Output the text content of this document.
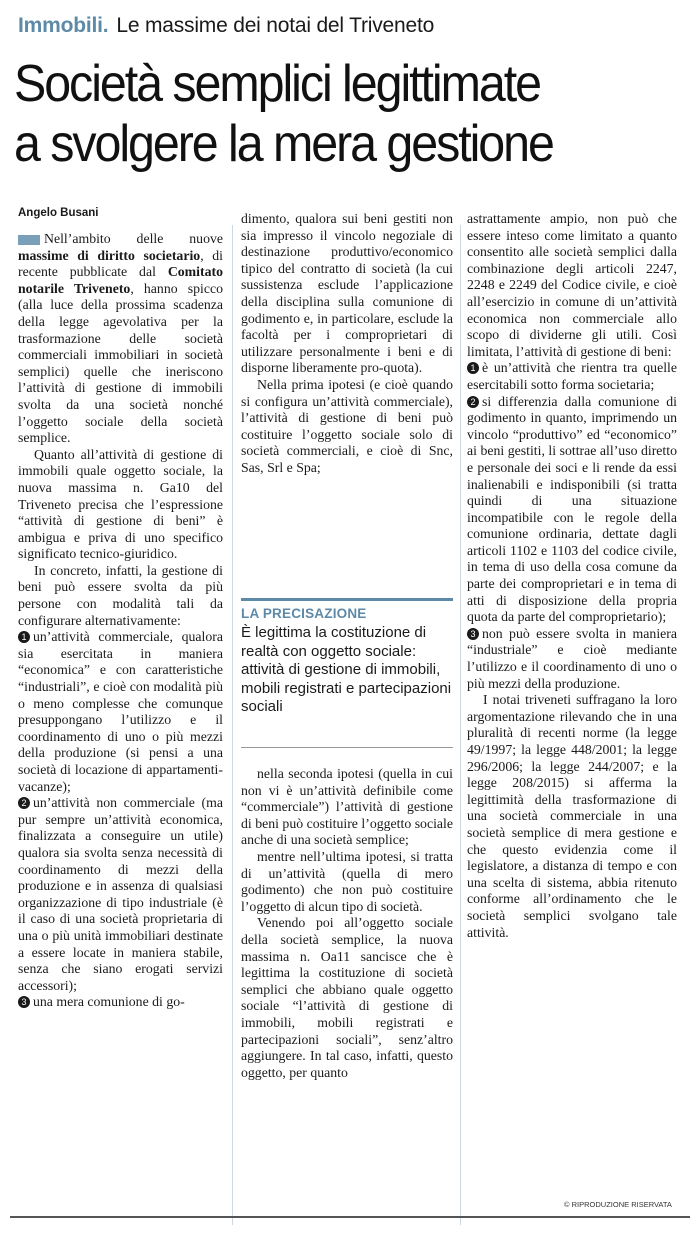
Immobili. Le massime dei notai del Triveneto
Società semplici legittimate
a svolgere la mera gestione
Angelo Busani

Nell’ambito delle nuove massime di diritto societario, di recente pubblicate dal Comitato notarile Triveneto, hanno spicco (alla luce della prossima scadenza della legge agevolativa per la trasformazione delle società commerciali immobiliari in società semplici) quelle che ineriscono l’attività di gestione di immobili svolta da una società nonché l’oggetto sociale della società semplice.

Quanto all’attività di gestione di immobili quale oggetto sociale, la nuova massima n. Ga10 del Triveneto precisa che l’espressione “attività di gestione di beni” è ambigua e priva di uno specifico significato tecnico-giuridico.

In concreto, infatti, la gestione di beni può essere svolta da più persone con modalità tali da configurare alternativamente:

1 un’attività commerciale, qualora sia esercitata in maniera “economica” e con caratteristiche “industriali”, e cioè con modalità più o meno complesse che comunque presuppongano l’utilizzo e il coordinamento di uno o più mezzi della produzione (si pensi a una società di locazione di appartamenti-vacanze);

2 un’attività non commerciale (ma pur sempre un’attività economica, finalizzata a conseguire un utile) qualora sia svolta senza necessità di coordinamento di mezzi della produzione e in assenza di qualsiasi organizzazione di tipo industriale (è il caso di una società proprietaria di una o più unità immobiliari destinate a essere locate in maniera stabile, senza che siano erogati servizi accessori);

3 una mera comunione di go-

dimento, qualora sui beni gestiti non sia impresso il vincolo negoziale di destinazione produttivo/economico tipico del contratto di società (la cui sussistenza esclude l’applicazione della disciplina sulla comunione di godimento e, in particolare, esclude la facoltà per i comproprietari di utilizzare personalmente i beni e di disporne liberamente pro-quota).

Nella prima ipotesi (e cioè quando si configura un’attività commerciale), l’attività di gestione di beni può costituire l’oggetto sociale solo di società commerciali, e cioè di Snc, Sas, Srl e Spa;

LA PRECISAZIONE
È legittima la costituzione di realtà con oggetto sociale: attività di gestione di immobili, mobili registrati e partecipazioni sociali

nella seconda ipotesi (quella in cui non vi è un’attività definibile come “commerciale”) l’attività di gestione di beni può costituire l’oggetto sociale anche di una società semplice;

mentre nell’ultima ipotesi, si tratta di un’attività (quella di mero godimento) che non può costituire l’oggetto di alcun tipo di società.

Venendo poi all’oggetto sociale della società semplice, la nuova massima n. Oa11 sancisce che è legittima la costituzione di società semplici che abbiano quale oggetto sociale “l’attività di gestione di immobili, mobili registrati e partecipazioni sociali”, senz’altro aggiungere. In tal caso, infatti, questo oggetto, per quanto

astrattamente ampio, non può che essere inteso come limitato a quanto consentito alle società semplici dalla combinazione degli articoli 2247, 2248 e 2249 del Codice civile, e cioè all’esercizio in comune di un’attività economica non commerciale allo scopo di dividerne gli utili. Così limitata, l’attività di gestione di beni:

1 è un’attività che rientra tra quelle esercitabili sotto forma societaria;

2 si differenzia dalla comunione di godimento in quanto, imprimendo un vincolo “produttivo” ed “economico” ai beni gestiti, li sottrae all’uso diretto e personale dei soci e li rende da essi inalienabili e indisponibili (si tratta quindi di una situazione incompatibile con le regole della comunione ordinaria, dettate dagli articoli 1102 e 1103 del codice civile, in tema di uso della cosa comune da parte dei comproprietari e in tema di atti di disposizione della propria quota da parte del comproprietario);

3 non può essere svolta in maniera “industriale” e cioè mediante l’utilizzo e il coordinamento di uno o più mezzi della produzione.

I notai triveneti suffragano la loro argomentazione rilevando che in una pluralità di recenti norme (la legge 49/1997; la legge 448/2001; la legge 296/2006; la legge 244/2007; e la legge 208/2015) si afferma la legittimità della trasformazione di una società commerciale in una società semplice di mera gestione e che questo evidenzia come il legislatore, a distanza di tempo e con una scelta di sistema, abbia ritenuto conforme all’ordinamento che le società semplici svolgano tale attività.

© RIPRODUZIONE RISERVATA
